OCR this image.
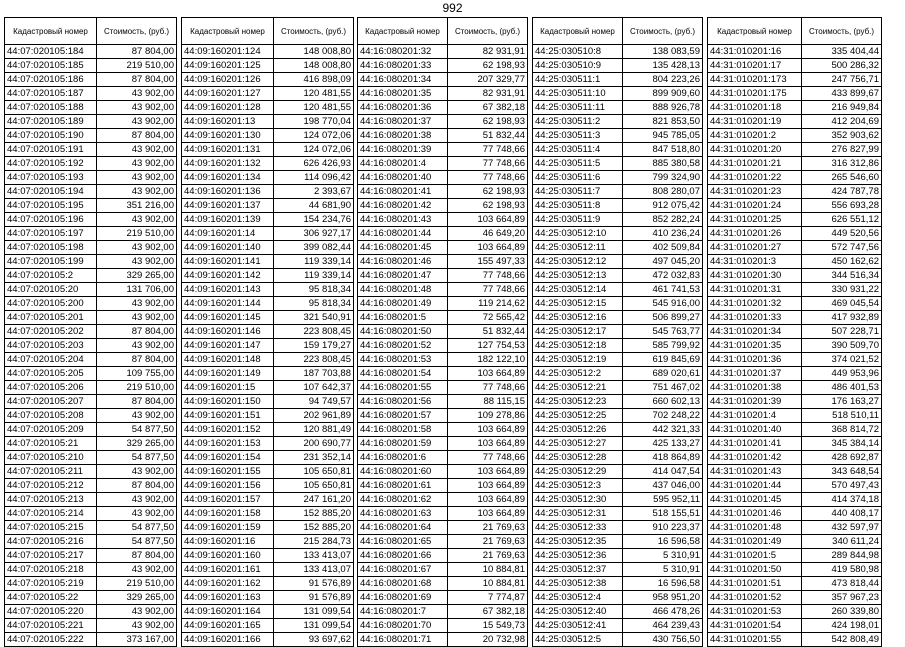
992
Кадастровый номер	Стоимость, (руб.)
44:07:020105:184	87 804,00
44:07:020105:185	219 510,00
44:07:020105:186	87 804,00
44:07:020105:187	43 902,00
44:07:020105:188	43 902,00
44:07:020105:189	43 902,00
44:07:020105:190	87 804,00
44:07:020105:191	43 902,00
44:07:020105:192	43 902,00
44:07:020105:193	43 902,00
44:07:020105:194	43 902,00
44:07:020105:195	351 216,00
44:07:020105:196	43 902,00
44:07:020105:197	219 510,00
44:07:020105:198	43 902,00
44:07:020105:199	43 902,00
44:07:020105:2	329 265,00
44:07:020105:20	131 706,00
44:07:020105:200	43 902,00
44:07:020105:201	43 902,00
44:07:020105:202	87 804,00
44:07:020105:203	43 902,00
44:07:020105:204	87 804,00
44:07:020105:205	109 755,00
44:07:020105:206	219 510,00
44:07:020105:207	87 804,00
44:07:020105:208	43 902,00
44:07:020105:209	54 877,50
44:07:020105:21	329 265,00
44:07:020105:210	54 877,50
44:07:020105:211	43 902,00
44:07:020105:212	87 804,00
44:07:020105:213	43 902,00
44:07:020105:214	43 902,00
44:07:020105:215	54 877,50
44:07:020105:216	54 877,50
44:07:020105:217	87 804,00
44:07:020105:218	43 902,00
44:07:020105:219	219 510,00
44:07:020105:22	329 265,00
44:07:020105:220	43 902,00
44:07:020105:221	43 902,00
44:07:020105:222	373 167,00
Кадастровый номер	Стоимость, (руб.)
44:09:160201:124	148 008,80
44:09:160201:125	148 008,80
44:09:160201:126	416 898,09
44:09:160201:127	120 481,55
44:09:160201:128	120 481,55
44:09:160201:13	198 770,04
44:09:160201:130	124 072,06
44:09:160201:131	124 072,06
44:09:160201:132	626 426,93
44:09:160201:134	114 096,42
44:09:160201:136	2 393,67
44:09:160201:137	44 681,90
44:09:160201:139	154 234,76
44:09:160201:14	306 927,17
44:09:160201:140	399 082,44
44:09:160201:141	119 339,14
44:09:160201:142	119 339,14
44:09:160201:143	95 818,34
44:09:160201:144	95 818,34
44:09:160201:145	321 540,91
44:09:160201:146	223 808,45
44:09:160201:147	159 179,27
44:09:160201:148	223 808,45
44:09:160201:149	187 703,88
44:09:160201:15	107 642,37
44:09:160201:150	94 749,57
44:09:160201:151	202 961,89
44:09:160201:152	120 881,49
44:09:160201:153	200 690,77
44:09:160201:154	231 352,14
44:09:160201:155	105 650,81
44:09:160201:156	105 650,81
44:09:160201:157	247 161,20
44:09:160201:158	152 885,20
44:09:160201:159	152 885,20
44:09:160201:16	215 284,73
44:09:160201:160	133 413,07
44:09:160201:161	133 413,07
44:09:160201:162	91 576,89
44:09:160201:163	91 576,89
44:09:160201:164	131 099,54
44:09:160201:165	131 099,54
44:09:160201:166	93 697,62
Кадастровый номер	Стоимость, (руб.)
44:16:080201:32	82 931,91
44:16:080201:33	62 198,93
44:16:080201:34	207 329,77
44:16:080201:35	82 931,91
44:16:080201:36	67 382,18
44:16:080201:37	62 198,93
44:16:080201:38	51 832,44
44:16:080201:39	77 748,66
44:16:080201:4	77 748,66
44:16:080201:40	77 748,66
44:16:080201:41	62 198,93
44:16:080201:42	62 198,93
44:16:080201:43	103 664,89
44:16:080201:44	46 649,20
44:16:080201:45	103 664,89
44:16:080201:46	155 497,33
44:16:080201:47	77 748,66
44:16:080201:48	77 748,66
44:16:080201:49	119 214,62
44:16:080201:5	72 565,42
44:16:080201:50	51 832,44
44:16:080201:52	127 754,53
44:16:080201:53	182 122,10
44:16:080201:54	103 664,89
44:16:080201:55	77 748,66
44:16:080201:56	88 115,15
44:16:080201:57	109 278,86
44:16:080201:58	103 664,89
44:16:080201:59	103 664,89
44:16:080201:6	77 748,66
44:16:080201:60	103 664,89
44:16:080201:61	103 664,89
44:16:080201:62	103 664,89
44:16:080201:63	103 664,89
44:16:080201:64	21 769,63
44:16:080201:65	21 769,63
44:16:080201:66	21 769,63
44:16:080201:67	10 884,81
44:16:080201:68	10 884,81
44:16:080201:69	7 774,87
44:16:080201:7	67 382,18
44:16:080201:70	15 549,73
44:16:080201:71	20 732,98
Кадастровый номер	Стоимость, (руб.)
44:25:030510:8	138 083,59
44:25:030510:9	135 428,13
44:25:030511:1	804 223,26
44:25:030511:10	899 909,60
44:25:030511:11	888 926,78
44:25:030511:2	821 853,50
44:25:030511:3	945 785,05
44:25:030511:4	847 518,80
44:25:030511:5	885 380,58
44:25:030511:6	799 324,90
44:25:030511:7	808 280,07
44:25:030511:8	912 075,42
44:25:030511:9	852 282,24
44:25:030512:10	410 236,24
44:25:030512:11	402 509,84
44:25:030512:12	497 045,20
44:25:030512:13	472 032,83
44:25:030512:14	461 741,53
44:25:030512:15	545 916,00
44:25:030512:16	506 899,27
44:25:030512:17	545 763,77
44:25:030512:18	585 799,92
44:25:030512:19	619 845,69
44:25:030512:2	689 020,61
44:25:030512:21	751 467,02
44:25:030512:23	660 602,13
44:25:030512:25	702 248,22
44:25:030512:26	442 321,33
44:25:030512:27	425 133,27
44:25:030512:28	418 864,89
44:25:030512:29	414 047,54
44:25:030512:3	437 046,00
44:25:030512:30	595 952,11
44:25:030512:31	518 155,51
44:25:030512:33	910 223,37
44:25:030512:35	16 596,58
44:25:030512:36	5 310,91
44:25:030512:37	5 310,91
44:25:030512:38	16 596,58
44:25:030512:4	958 951,20
44:25:030512:40	466 478,26
44:25:030512:41	464 239,43
44:25:030512:5	430 756,50
Кадастровый номер	Стоимость, (руб.)
44:31:010201:16	335 404,44
44:31:010201:17	500 286,32
44:31:010201:173	247 756,71
44:31:010201:175	433 899,67
44:31:010201:18	216 949,84
44:31:010201:19	412 204,69
44:31:010201:2	352 903,62
44:31:010201:20	276 827,99
44:31:010201:21	316 312,86
44:31:010201:22	265 546,60
44:31:010201:23	424 787,78
44:31:010201:24	556 693,28
44:31:010201:25	626 551,12
44:31:010201:26	449 520,56
44:31:010201:27	572 747,56
44:31:010201:3	450 162,62
44:31:010201:30	344 516,34
44:31:010201:31	330 931,22
44:31:010201:32	469 045,54
44:31:010201:33	417 932,89
44:31:010201:34	507 228,71
44:31:010201:35	390 509,70
44:31:010201:36	374 021,52
44:31:010201:37	449 953,96
44:31:010201:38	486 401,53
44:31:010201:39	176 163,27
44:31:010201:4	518 510,11
44:31:010201:40	368 814,72
44:31:010201:41	345 384,14
44:31:010201:42	428 692,87
44:31:010201:43	343 648,54
44:31:010201:44	570 497,43
44:31:010201:45	414 374,18
44:31:010201:46	440 408,17
44:31:010201:48	432 597,97
44:31:010201:49	340 611,24
44:31:010201:5	289 844,98
44:31:010201:50	419 580,98
44:31:010201:51	473 818,44
44:31:010201:52	357 967,23
44:31:010201:53	260 339,80
44:31:010201:54	424 198,01
44:31:010201:55	542 808,49
